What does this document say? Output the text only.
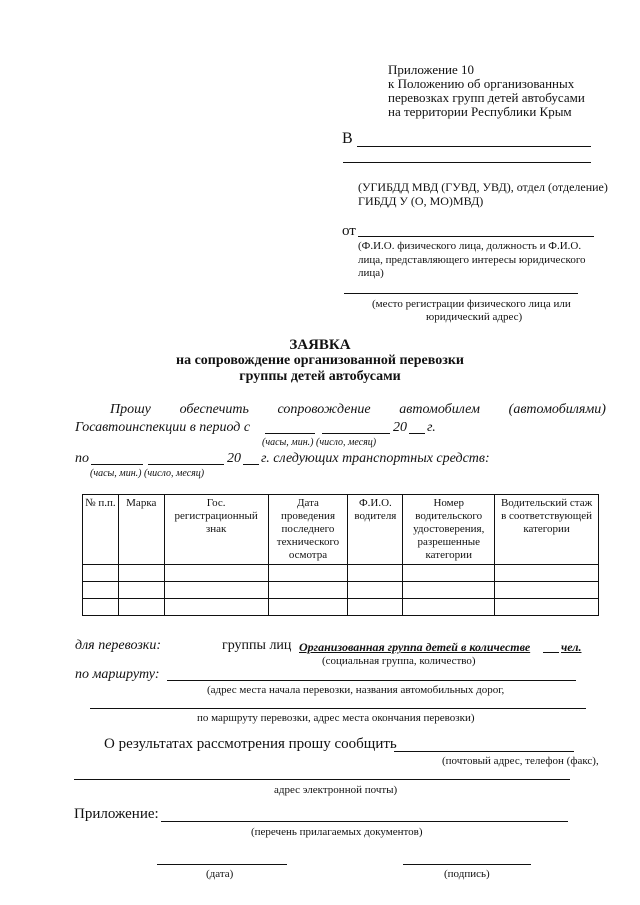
Приложение 10
к Положению об организованных
перевозках групп детей автобусами
на территории Республики Крым
В
(УГИБДД МВД (ГУВД, УВД), отдел (отделение)
ГИБДД У (О, МО)МВД)
от
(Ф.И.О. физического лица, должность и Ф.И.О.
лица, представляющего интересы юридического
лица)
(место регистрации физического лица или
юридический адрес)
ЗАЯВКА
на сопровождение организованной перевозки
группы детей автобусами
Прошу обеспечить сопровождение автомобилем (автомобилями)
Госавтоинспекции в период с	20 г.
(часы, мин.) (число, месяц)
по	20 г. следующих транспортных средств:
(часы, мин.) (число, месяц)
№ п.п.	Марка	Гос. регистрационный знак	Дата проведения последнего технического осмотра	Ф.И.О. водителя	Номер водительского удостоверения, разрешенные категории	Водительский стаж в соответствующей категории

для перевозки:	группы лиц Организованная группа детей в количестве	чел.
(социальная группа, количество)
по маршруту:
(адрес места начала перевозки, названия автомобильных дорог,
по маршруту перевозки, адрес места окончания перевозки)
О результатах рассмотрения прошу сообщить
(почтовый адрес, телефон (факс),
адрес электронной почты)
Приложение:
(перечень прилагаемых документов)
(дата)	(подпись)
